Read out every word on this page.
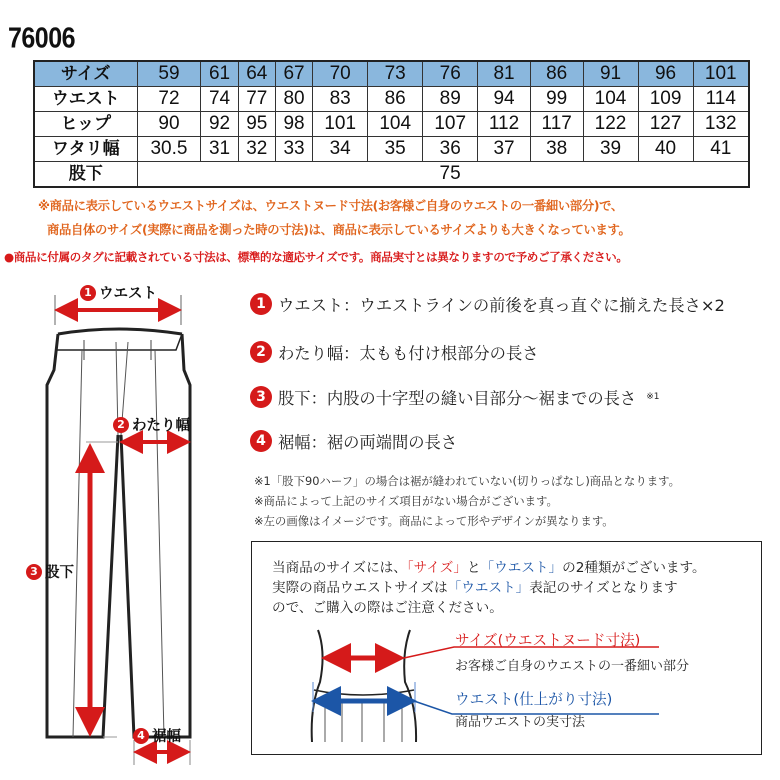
76006
サイズ	59	61	64	67	70	73	76	81	86	91	96	101
ウエスト	72	74	77	80	83	86	89	94	99	104	109	114
ヒップ	90	92	95	98	101	104	107	112	117	122	127	132
ワタリ幅	30.5	31	32	33	34	35	36	37	38	39	40	41
股下	75											
※商品に表示しているウエストサイズは、ウエストヌード寸法(お客様ご自身のウエストの一番細い部分)で、
商品自体のサイズ(実際に商品を測った時の寸法)は、商品に表示しているサイズよりも大きくなっています。
●商品に付属のタグに記載されている寸法は、標準的な適応サイズです。商品実寸とは異なりますので予めご了承ください。
1 ウエスト
2 わたり幅
3 股下
4 裾幅
1 ウエスト：ウエストラインの前後を真っ直ぐに揃えた長さ×2
2 わたり幅：太もも付け根部分の長さ
3 股下：内股の十字型の縫い目部分～裾までの長さ ※1
4 裾幅：裾の両端間の長さ
※1「股下90ハーフ」の場合は裾が縫われていない(切りっぱなし)商品となります。
※商品によって上記のサイズ項目がない場合がございます。
※左の画像はイメージです。商品によって形やデザインが異なります。
当商品のサイズには、「サイズ」と「ウエスト」の2種類がございます。
実際の商品ウエストサイズは「ウエスト」表記のサイズとなります
ので、ご購入の際はご注意ください。
サイズ(ウエストヌード寸法)
お客様ご自身のウエストの一番細い部分
ウエスト(仕上がり寸法)
商品ウエストの実寸法
